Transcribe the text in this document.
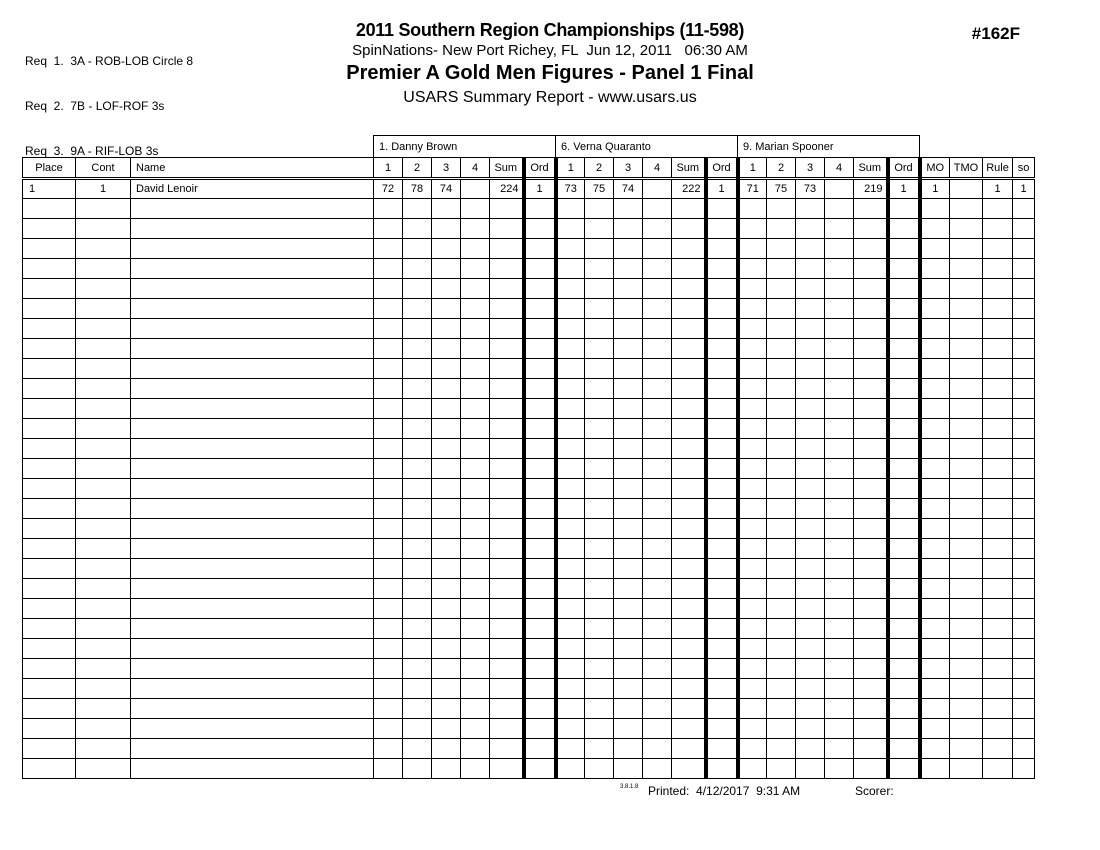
Req  1.  3A - ROB-LOB Circle 8

Req  2.  7B - LOF-ROF 3s

Req  3.  9A - RIF-LOB 3s

2011 Southern Region Championships (11-598)
SpinNations- New Port Richey, FL  Jun 12, 2011   06:30 AM
Premier A Gold Men Figures - Panel 1 Final
USARS Summary Report - www.usars.us
#162F
			1. Danny Brown						6. Verna Quaranto						9. Marian Spooner									
Place	Cont	Name	1	2	3	4	Sum	Ord	1	2	3	4	Sum	Ord	1	2	3	4	Sum	Ord	MO	TMO	Rule	so
1	1	David Lenoir	72	78	74		224	1	73	75	74		222	1	71	75	73		219	1	1		1	1

3.8.1.8 Printed:  4/12/2017  9:31 AM	Scorer:
